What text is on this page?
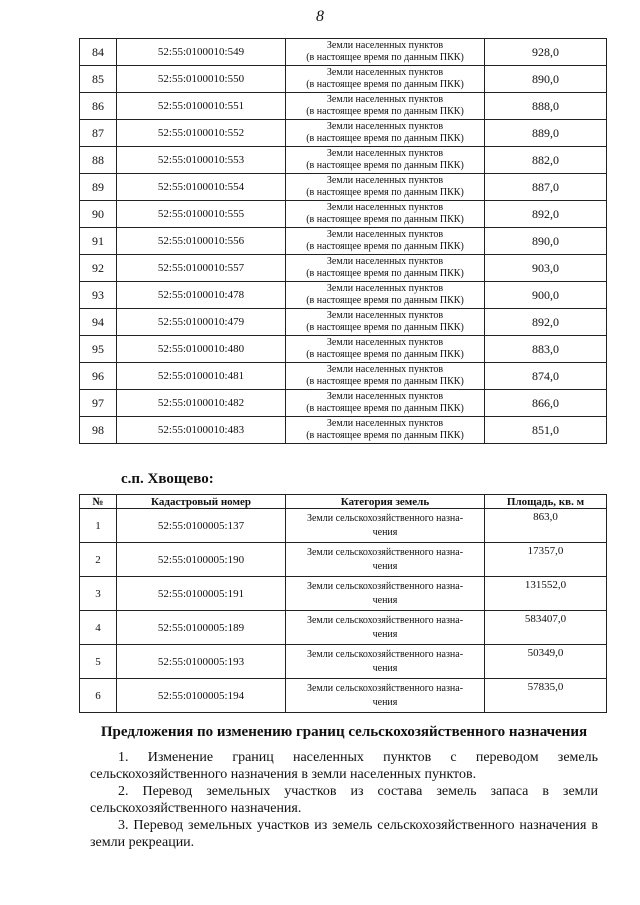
8
84	52:55:0100010:549	Земли населенных пунктов
(в настоящее время по данным ПКК)	928,0
85	52:55:0100010:550	Земли населенных пунктов
(в настоящее время по данным ПКК)	890,0
86	52:55:0100010:551	Земли населенных пунктов
(в настоящее время по данным ПКК)	888,0
87	52:55:0100010:552	Земли населенных пунктов
(в настоящее время по данным ПКК)	889,0
88	52:55:0100010:553	Земли населенных пунктов
(в настоящее время по данным ПКК)	882,0
89	52:55:0100010:554	Земли населенных пунктов
(в настоящее время по данным ПКК)	887,0
90	52:55:0100010:555	Земли населенных пунктов
(в настоящее время по данным ПКК)	892,0
91	52:55:0100010:556	Земли населенных пунктов
(в настоящее время по данным ПКК)	890,0
92	52:55:0100010:557	Земли населенных пунктов
(в настоящее время по данным ПКК)	903,0
93	52:55:0100010:478	Земли населенных пунктов
(в настоящее время по данным ПКК)	900,0
94	52:55:0100010:479	Земли населенных пунктов
(в настоящее время по данным ПКК)	892,0
95	52:55:0100010:480	Земли населенных пунктов
(в настоящее время по данным ПКК)	883,0
96	52:55:0100010:481	Земли населенных пунктов
(в настоящее время по данным ПКК)	874,0
97	52:55:0100010:482	Земли населенных пунктов
(в настоящее время по данным ПКК)	866,0
98	52:55:0100010:483	Земли населенных пунктов
(в настоящее время по данным ПКК)	851,0
с.п. Хвощево:
№	Кадастровый номер	Категория земель	Площадь, кв. м
1	52:55:0100005:137	Земли сельскохозяйственного назна-
чения	863,0

2	52:55:0100005:190	Земли сельскохозяйственного назна-
чения	17357,0

3	52:55:0100005:191	Земли сельскохозяйственного назна-
чения	131552,0

4	52:55:0100005:189	Земли сельскохозяйственного назна-
чения	583407,0

5	52:55:0100005:193	Земли сельскохозяйственного назна-
чения	50349,0

6	52:55:0100005:194	Земли сельскохозяйственного назна-
чения	57835,0
Предложения по изменению границ сельскохозяйственного назначения
1. Изменение границ населенных пунктов с переводом земель сельскохозяйственного назначения в земли населенных пунктов.
2. Перевод земельных участков из состава земель запаса в земли сельскохозяйственного назначения.
3. Перевод земельных участков из земель сельскохозяйственного назначения в земли рекреации.
